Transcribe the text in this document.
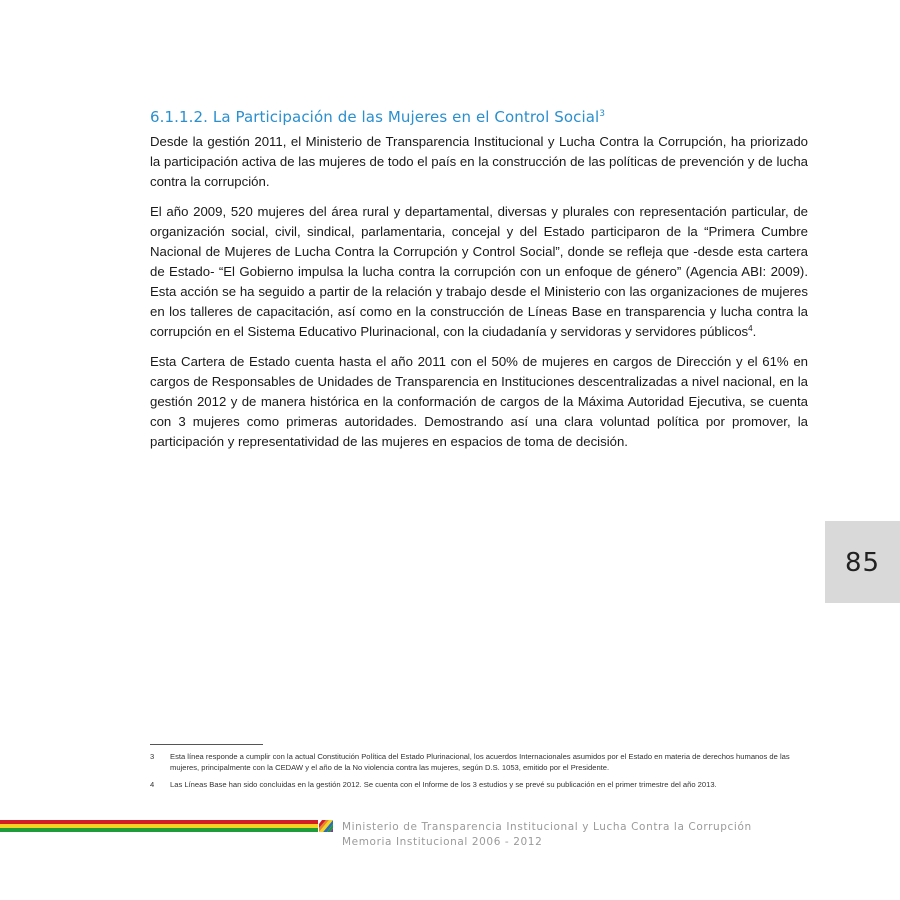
6.1.1.2. La Participación de las Mujeres en el Control Social$^3$

Desde la gestión 2011, el Ministerio de Transparencia Institucional y Lucha Contra la Corrupción, ha priorizado la participación activa de las mujeres de todo el país en la construcción de las políticas de prevención y de lucha contra la corrupción.

El año 2009, 520 mujeres del área rural y departamental, diversas y plurales con representación particular, de organización social, civil, sindical, parlamentaria, concejal y del Estado participaron de la “Primera Cumbre Nacional de Mujeres de Lucha Contra la Corrupción y Control Social”, donde se refleja que -desde esta cartera de Estado- “El Gobierno impulsa la lucha contra la corrupción con un enfoque de género” (Agencia ABI: 2009). Esta acción se ha seguido a partir de la relación y trabajo desde el Ministerio con las organizaciones de mujeres en los talleres de capacitación, así como en la construcción de Líneas Base en transparencia y lucha contra la corrupción en el Sistema Educativo Plurinacional, con la ciudadanía y servidoras y servidores públicos$^4$.

Esta Cartera de Estado cuenta hasta el año 2011 con el 50% de mujeres en cargos de Dirección y el 61% en cargos de Responsables de Unidades de Transparencia en Instituciones descentralizadas a nivel nacional, en la gestión 2012 y de manera histórica en la conformación de cargos de la Máxima Autoridad Ejecutiva, se cuenta con 3 mujeres como primeras autoridades. Demostrando así una clara voluntad política por promover, la participación y representatividad de las mujeres en espacios de toma de decisión.

85
3	Esta línea responde a cumplir con la actual Constitución Política del Estado Plurinacional, los acuerdos Internacionales asumidos por el Estado en materia de derechos humanos de las mujeres, principalmente con la CEDAW y el año de la No violencia contra las mujeres, según D.S. 1053, emitido por el Presidente.
4	Las Líneas Base han sido concluidas en la gestión 2012. Se cuenta con el Informe de los 3 estudios y se prevé su publicación en el primer trimestre del año 2013.
Ministerio de Transparencia Institucional y Lucha Contra la Corrupción
Memoria Institucional 2006 - 2012
